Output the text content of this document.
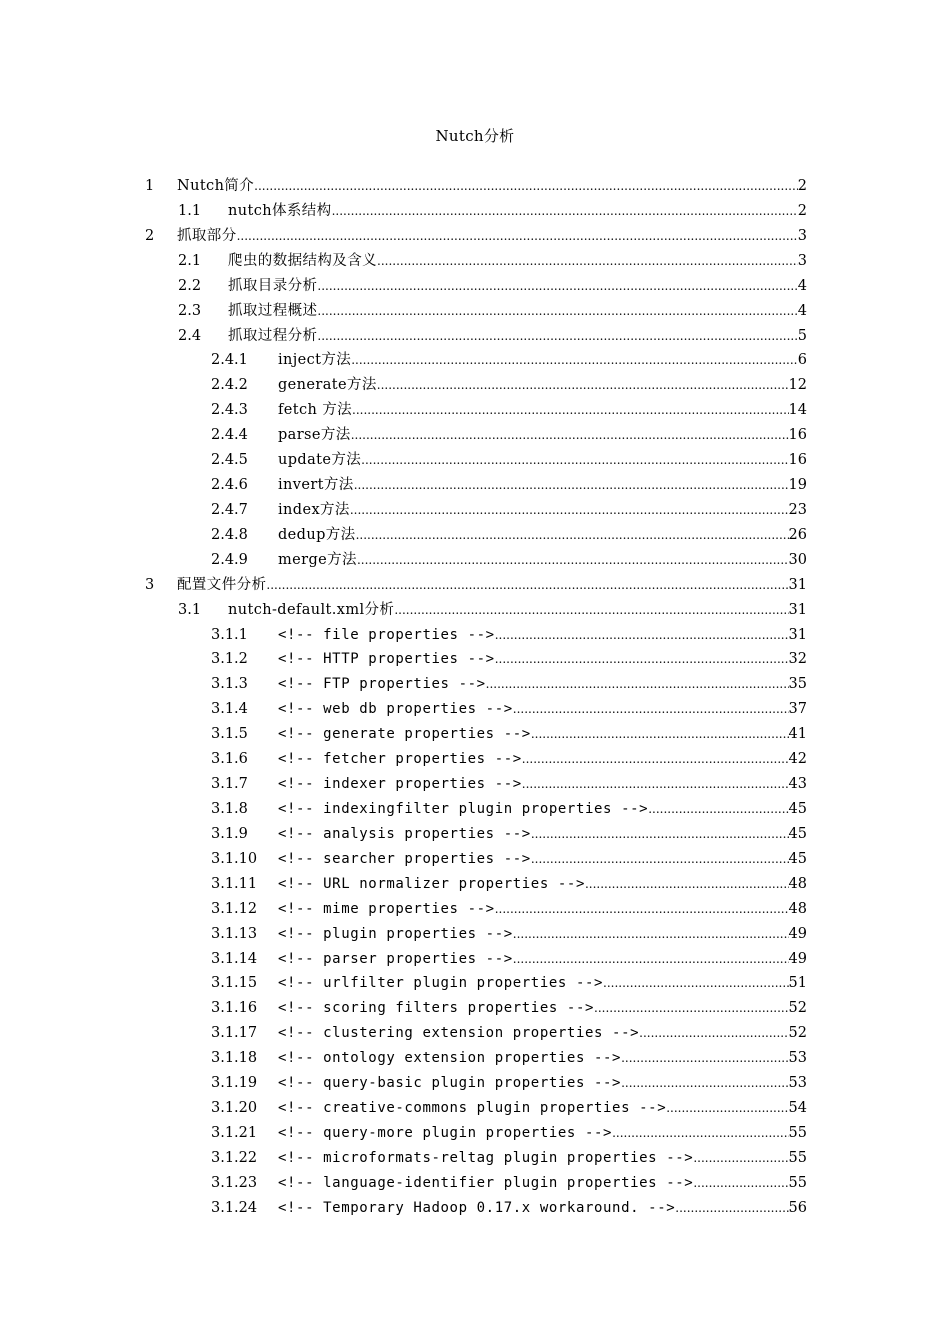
Nutch分析
1 Nutch简介 .....	2
1.1 nutch体系结构 .....	2
2 抓取部分 .....	3
2.1 爬虫的数据结构及含义 .....	3
2.2 抓取目录分析 .....	4
2.3 抓取过程概述 .....	4
2.4 抓取过程分析 .....	5
2.4.1 inject方法 .....	6
2.4.2 generate方法 .....	12
2.4.3 fetch 方法 .....	14
2.4.4 parse方法 .....	16
2.4.5 update方法 .....	16
2.4.6 invert方法 .....	19
2.4.7 index方法 .....	23
2.4.8 dedup方法 .....	26
2.4.9 merge方法 .....	30
3 配置文件分析 .....	31
3.1 nutch-default.xml分析 .....	31
3.1.1 <!-- file properties --> .....	31
3.1.2 <!-- HTTP properties --> .....	32
3.1.3 <!-- FTP properties --> .....	35
3.1.4 <!-- web db properties --> .....	37
3.1.5 <!-- generate properties --> .....	41
3.1.6 <!-- fetcher properties --> .....	42
3.1.7 <!-- indexer properties --> .....	43
3.1.8 <!-- indexingfilter plugin properties --> .....	45
3.1.9 <!-- analysis properties --> .....	45
3.1.10 <!-- searcher properties --> .....	45
3.1.11 <!-- URL normalizer properties --> .....	48
3.1.12 <!-- mime properties --> .....	48
3.1.13 <!-- plugin properties --> .....	49
3.1.14 <!-- parser properties --> .....	49
3.1.15 <!-- urlfilter plugin properties --> .....	51
3.1.16 <!-- scoring filters properties --> .....	52
3.1.17 <!-- clustering extension properties --> .....	52
3.1.18 <!-- ontology extension properties --> .....	53
3.1.19 <!-- query-basic plugin properties --> .....	53
3.1.20 <!-- creative-commons plugin properties --> .....	54
3.1.21 <!-- query-more plugin properties --> .....	55
3.1.22 <!-- microformats-reltag plugin properties --> .....	55
3.1.23 <!-- language-identifier plugin properties --> .....	55
3.1.24 <!-- Temporary Hadoop 0.17.x workaround. --> .....	56
